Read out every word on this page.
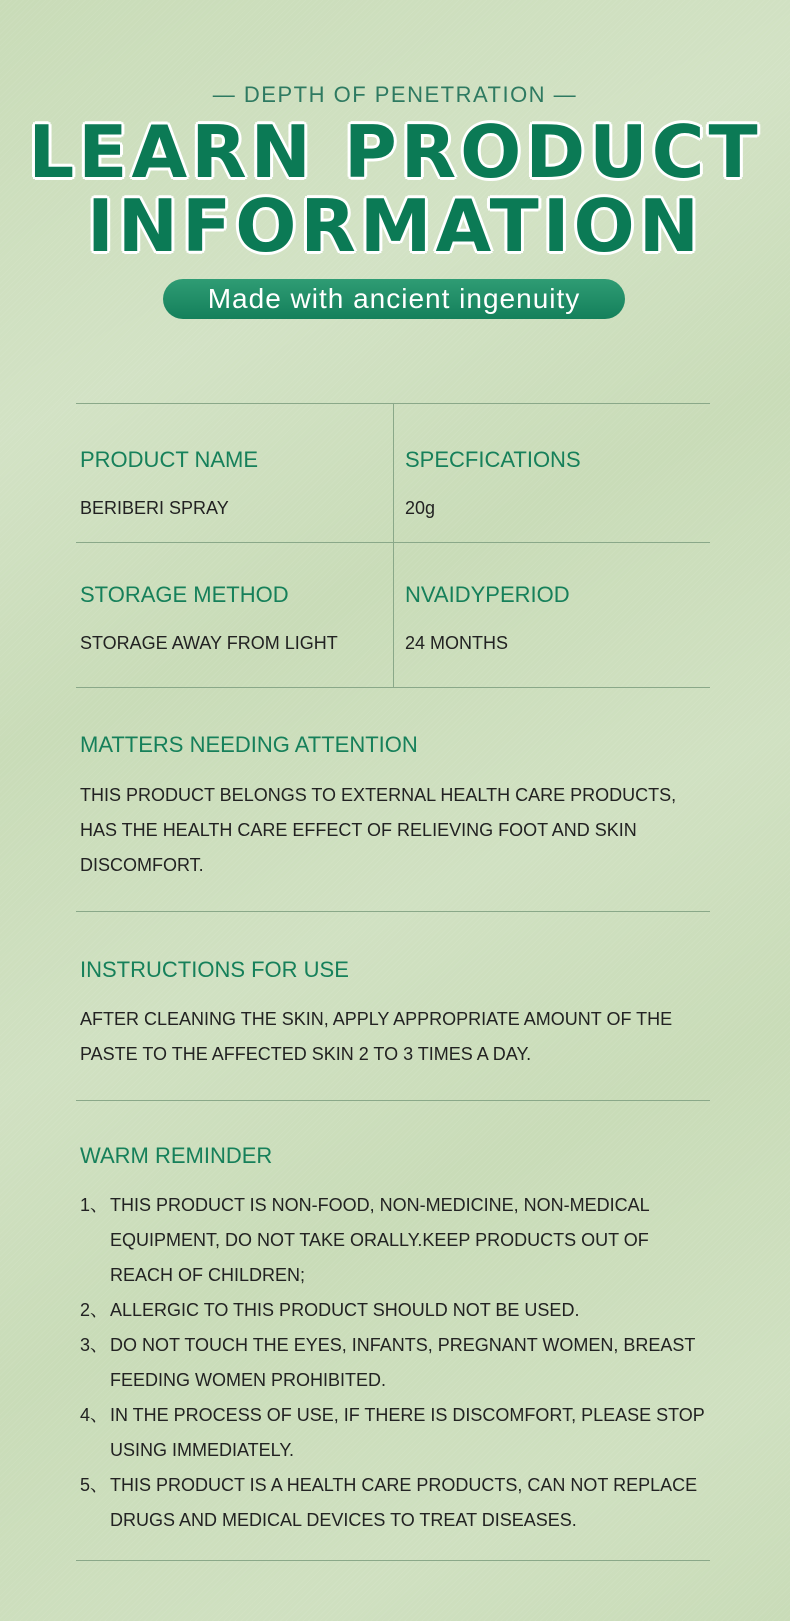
— DEPTH OF PENETRATION —
LEARN PRODUCT
INFORMATION
Made with ancient ingenuity
PRODUCT NAME
BERIBERI SPRAY
SPECFICATIONS
20g
STORAGE METHOD
STORAGE AWAY FROM LIGHT
NVAIDYPERIOD
24 MONTHS
MATTERS NEEDING ATTENTION
THIS PRODUCT BELONGS TO EXTERNAL HEALTH CARE PRODUCTS,
HAS THE HEALTH CARE EFFECT OF RELIEVING FOOT AND SKIN
DISCOMFORT.
INSTRUCTIONS FOR USE
AFTER CLEANING THE SKIN, APPLY APPROPRIATE AMOUNT OF THE
PASTE TO THE AFFECTED SKIN 2 TO 3 TIMES A DAY.
WARM REMINDER
1、 THIS PRODUCT IS NON-FOOD, NON-MEDICINE, NON-MEDICAL
EQUIPMENT, DO NOT TAKE ORALLY.KEEP PRODUCTS OUT OF
REACH OF CHILDREN;
2、 ALLERGIC TO THIS PRODUCT SHOULD NOT BE USED.
3、 DO NOT TOUCH THE EYES, INFANTS, PREGNANT WOMEN, BREAST
FEEDING WOMEN PROHIBITED.
4、 IN THE PROCESS OF USE, IF THERE IS DISCOMFORT, PLEASE STOP
USING IMMEDIATELY.
5、 THIS PRODUCT IS A HEALTH CARE PRODUCTS, CAN NOT REPLACE
DRUGS AND MEDICAL DEVICES TO TREAT DISEASES.
